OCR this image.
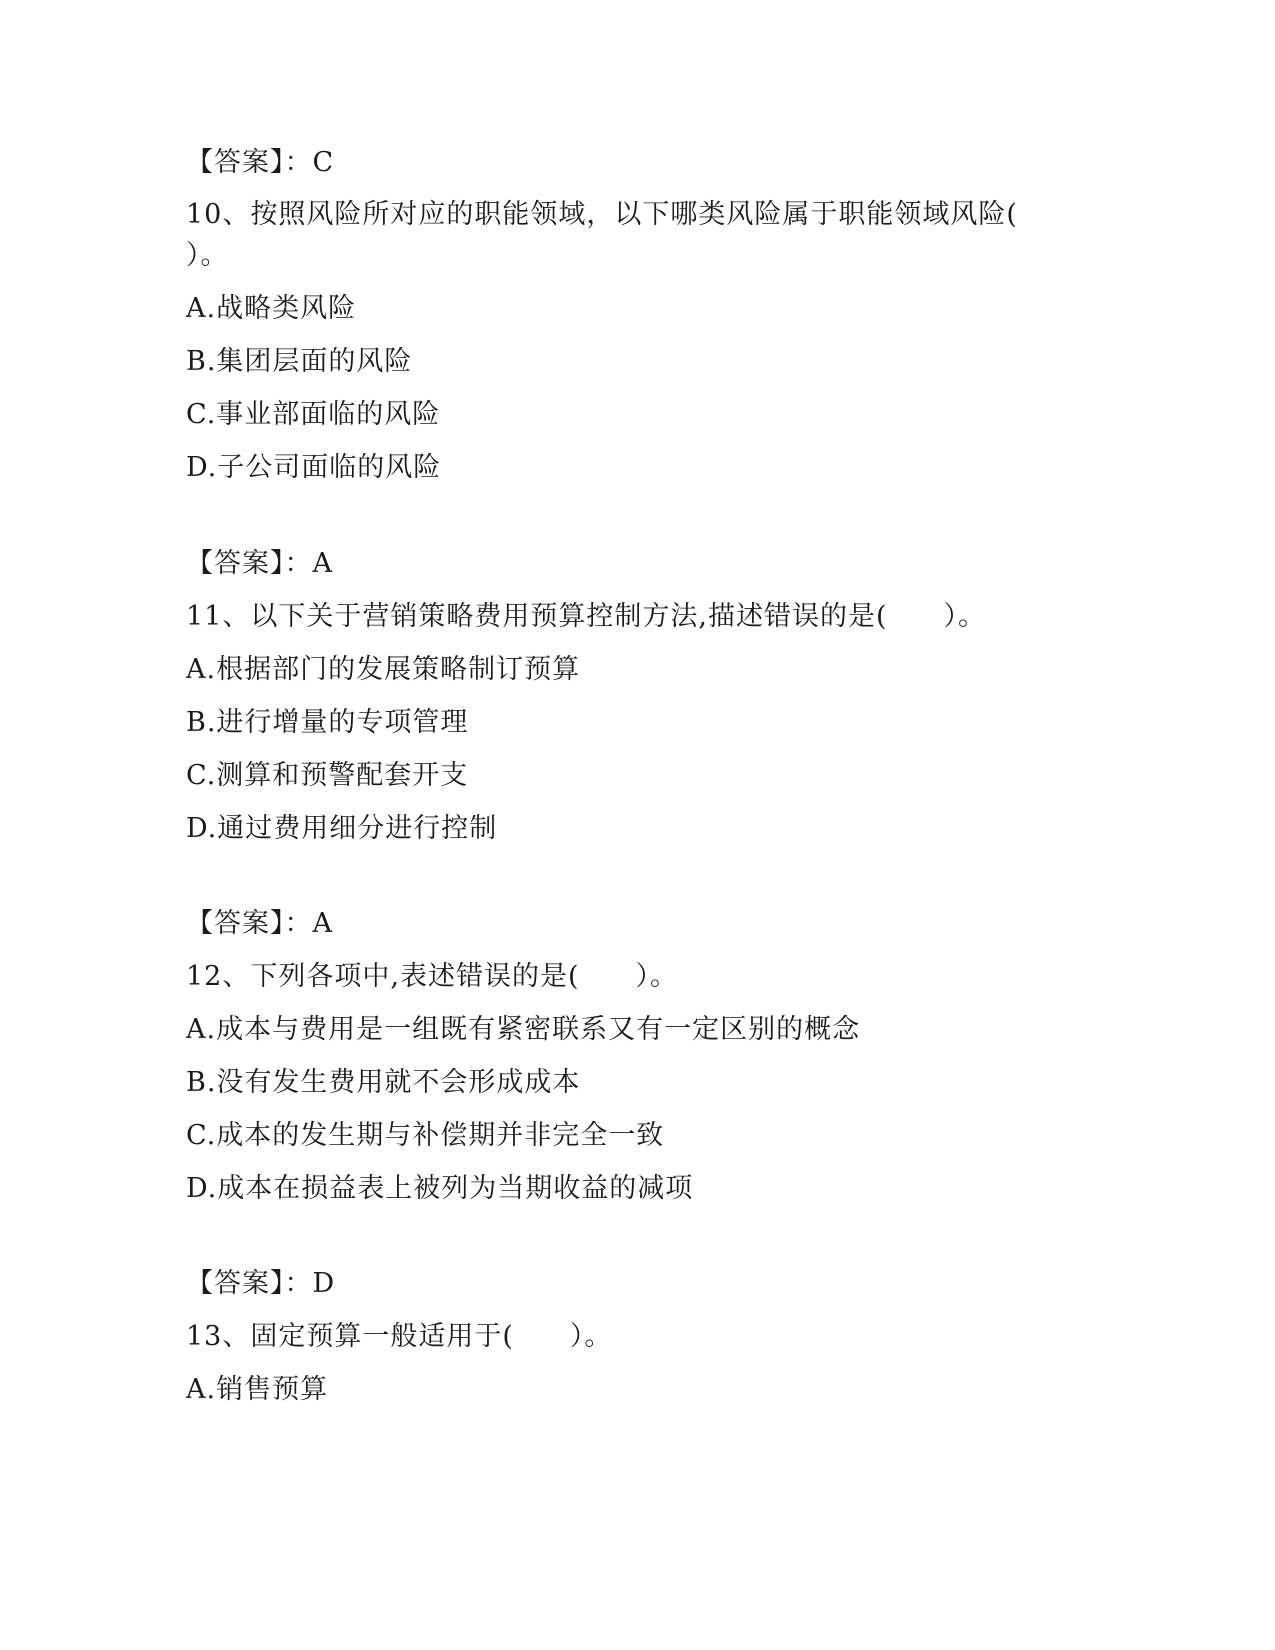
【答案】：C
10、按照风险所对应的职能领域，以下哪类风险属于职能领域风险(
）。
A.战略类风险
B.集团层面的风险
C.事业部面临的风险
D.子公司面临的风险
【答案】：A
11、以下关于营销策略费用预算控制方法,描述错误的是(　　）。
A.根据部门的发展策略制订预算
B.进行增量的专项管理
C.测算和预警配套开支
D.通过费用细分进行控制
【答案】：A
12、下列各项中,表述错误的是(　　）。
A.成本与费用是一组既有紧密联系又有一定区别的概念
B.没有发生费用就不会形成成本
C.成本的发生期与补偿期并非完全一致
D.成本在损益表上被列为当期收益的减项
【答案】：D
13、固定预算一般适用于(　　）。
A.销售预算
